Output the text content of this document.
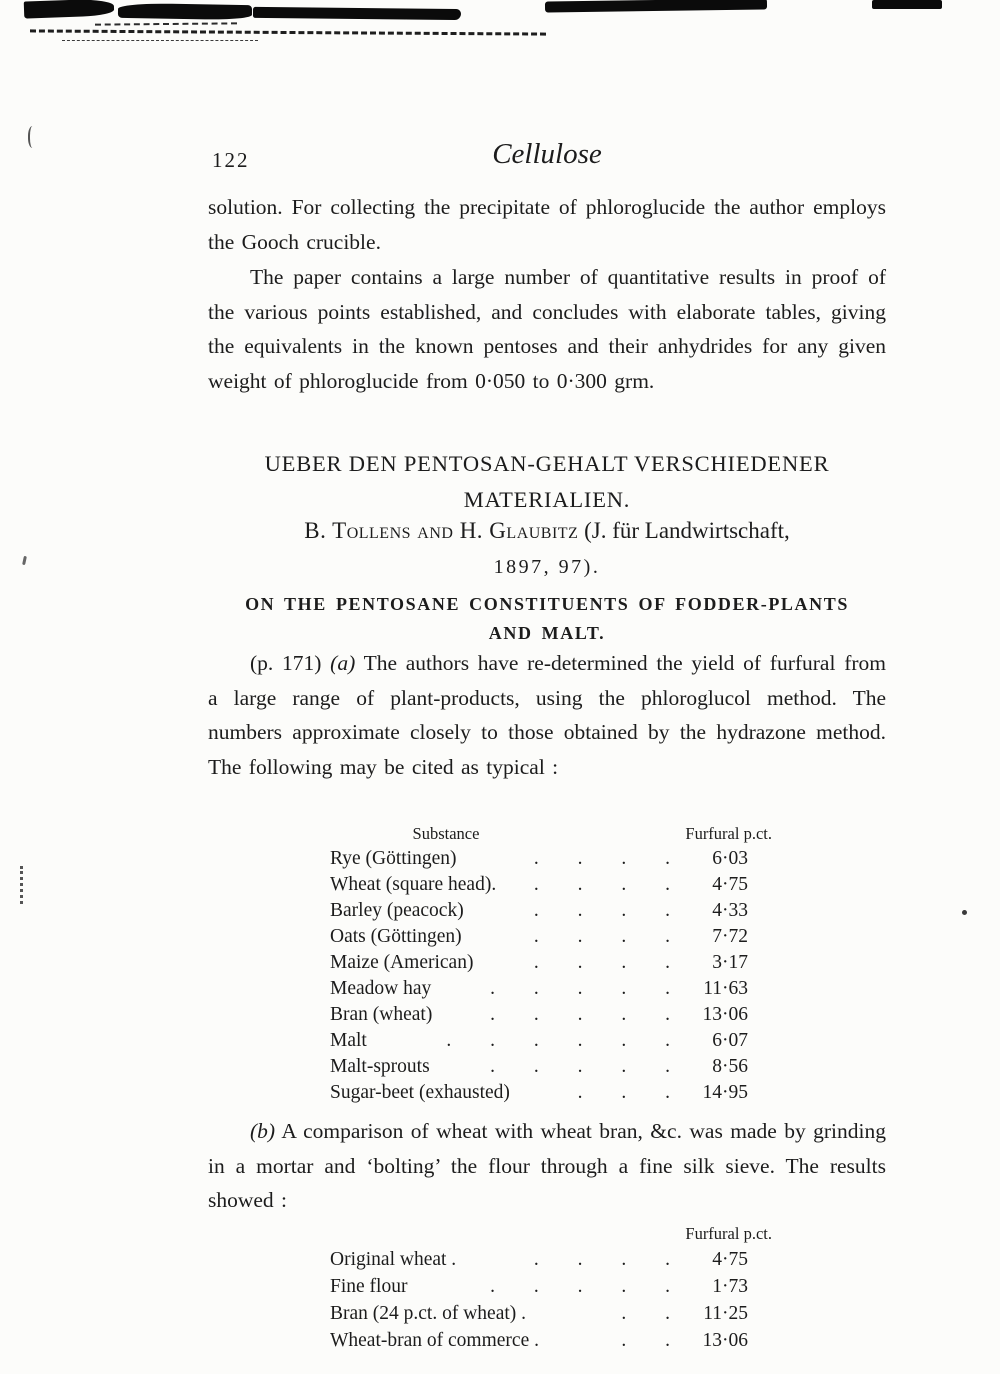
122	Cellulose

solution. For collecting the precipitate of phloroglucide the author employs the Gooch crucible.

The paper contains a large number of quantitative results in proof of the various points established, and concludes with elaborate tables, giving the equivalents in the known pentoses and their anhydrides for any given weight of phloroglucide from 0·050 to 0·300 grm.

UEBER DEN PENTOSAN-GEHALT VERSCHIEDENER
MATERIALIEN.
B. Tollens and H. Glaubitz (J. für Landwirtschaft,
1897, 97).
ON THE PENTOSANE CONSTITUENTS OF FODDER-PLANTS
AND MALT.

(p. 171) (a) The authors have re-determined the yield of furfural from a large range of plant-products, using the phloroglucol method. The numbers approximate closely to those obtained by the hydrazone method. The following may be cited as typical :

Substance	Furfural p.ct.
Rye (Göttingen)	. . . .	6·03
Wheat (square head).	. . . .	4·75
Barley (peacock)	. . . .	4·33
Oats (Göttingen)	. . . .	7·72
Maize (American)	. . . .	3·17
Meadow hay	. . . . .	11·63
Bran (wheat)	. . . . .	13·06
Malt	. . . . . .	6·07
Malt-sprouts	. . . . .	8·56
Sugar-beet (exhausted)	. . .	14·95

(b) A comparison of wheat with wheat bran, &c. was made by grinding in a mortar and ‘bolting’ the flour through a fine silk sieve. The results showed :

Furfural p.ct.
Original wheat .	. . . .	4·75
Fine flour	. . . . .	1·73
Bran (24 p.ct. of wheat) .	. .	11·25
Wheat-bran of commerce .	. .	13·06
